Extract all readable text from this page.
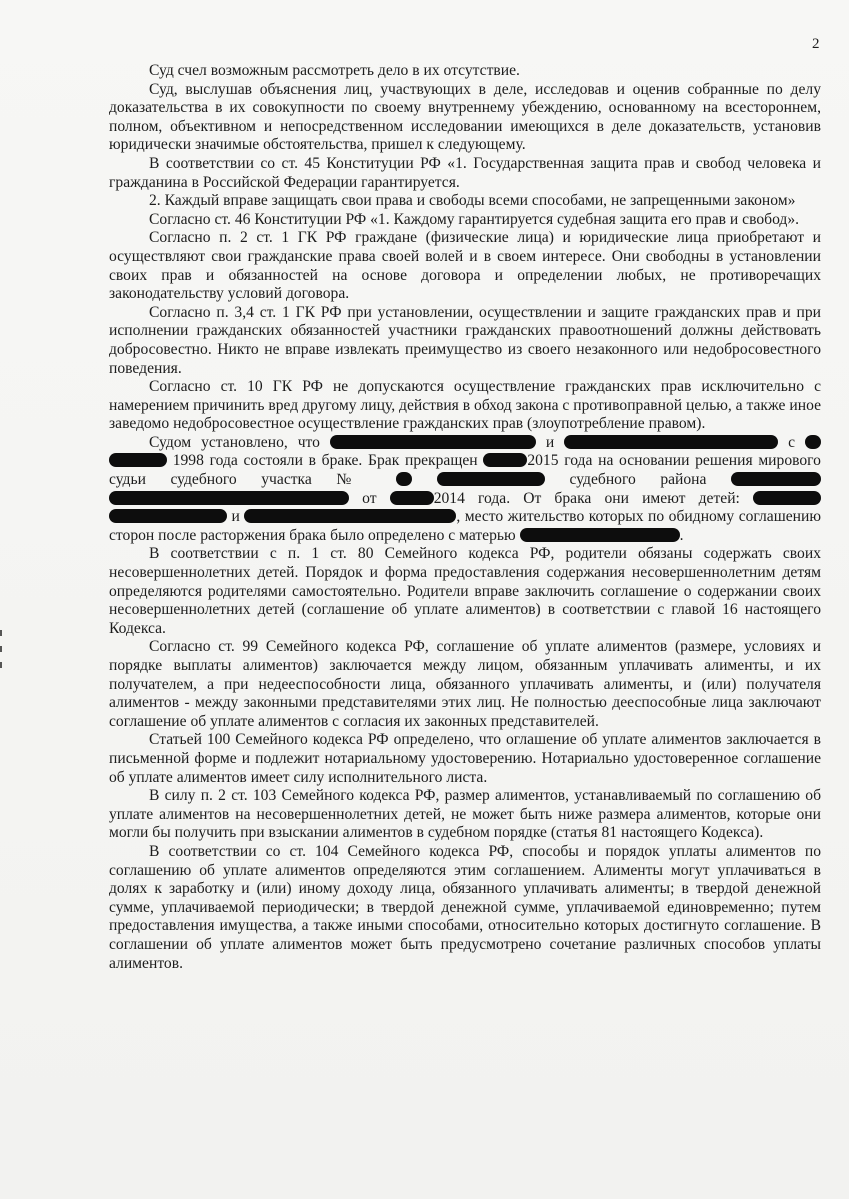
2

Суд счел возможным рассмотреть дело в их отсутствие.

Суд, выслушав объяснения лиц, участвующих в деле, исследовав и оценив собранные по делу доказательства в их совокупности по своему внутреннему убеждению, основанному на всестороннем, полном, объективном и непосредственном исследовании имеющихся в деле доказательств, установив юридически значимые обстоятельства, пришел к следующему.

В соответствии со ст. 45 Конституции РФ «1. Государственная защита прав и свобод человека и гражданина в Российской Федерации гарантируется.

2. Каждый вправе защищать свои права и свободы всеми способами, не запрещенными законом»

Согласно ст. 46 Конституции РФ «1. Каждому гарантируется судебная защита его прав и свобод».

Согласно п. 2 ст. 1 ГК РФ граждане (физические лица) и юридические лица приобретают и осуществляют свои гражданские права своей волей и в своем интересе. Они свободны в установлении своих прав и обязанностей на основе договора и определении любых, не противоречащих законодательству условий договора.

Согласно п. 3,4 ст. 1 ГК РФ при установлении, осуществлении и защите гражданских прав и при исполнении гражданских обязанностей участники гражданских правоотношений должны действовать добросовестно. Никто не вправе извлекать преимущество из своего незаконного или недобросовестного поведения.

Согласно ст. 10 ГК РФ не допускаются осуществление гражданских прав исключительно с намерением причинить вред другому лицу, действия в обход закона с противоправной целью, а также иное заведомо недобросовестное осуществление гражданских прав (злоупотребление правом).

Судом установлено, что	и	с   1998 года состояли в браке. Брак прекращен	2015 года на основании решения мирового судьи судебного участка №	судебного района   от	2014 года. От брака они имеют детей:   и	, место жительство которых по обидному соглашению сторон после расторжения брака было определено с матерью	.

В соответствии с п. 1 ст. 80 Семейного кодекса РФ, родители обязаны содержать своих несовершеннолетних детей. Порядок и форма предоставления содержания несовершеннолетним детям определяются родителями самостоятельно. Родители вправе заключить соглашение о содержании своих несовершеннолетних детей (соглашение об уплате алиментов) в соответствии с главой 16 настоящего Кодекса.

Согласно ст. 99 Семейного кодекса РФ, соглашение об уплате алиментов (размере, условиях и порядке выплаты алиментов) заключается между лицом, обязанным уплачивать алименты, и их получателем, а при недееспособности лица, обязанного уплачивать алименты, и (или) получателя алиментов - между законными представителями этих лиц. Не полностью дееспособные лица заключают соглашение об уплате алиментов с согласия их законных представителей.

Статьей 100 Семейного кодекса РФ определено, что оглашение об уплате алиментов заключается в письменной форме и подлежит нотариальному удостоверению. Нотариально удостоверенное соглашение об уплате алиментов имеет силу исполнительного листа.

В силу п. 2 ст. 103 Семейного кодекса РФ, размер алиментов, устанавливаемый по соглашению об уплате алиментов на несовершеннолетних детей, не может быть ниже размера алиментов, которые они могли бы получить при взыскании алиментов в судебном порядке (статья 81 настоящего Кодекса).

В соответствии со ст. 104 Семейного кодекса РФ, способы и порядок уплаты алиментов по соглашению об уплате алиментов определяются этим соглашением. Алименты могут уплачиваться в долях к заработку и (или) иному доходу лица, обязанного уплачивать алименты; в твердой денежной сумме, уплачиваемой периодически; в твердой денежной сумме, уплачиваемой единовременно; путем предоставления имущества, а также иными способами, относительно которых достигнуто соглашение. В соглашении об уплате алиментов может быть предусмотрено сочетание различных способов уплаты алиментов.
